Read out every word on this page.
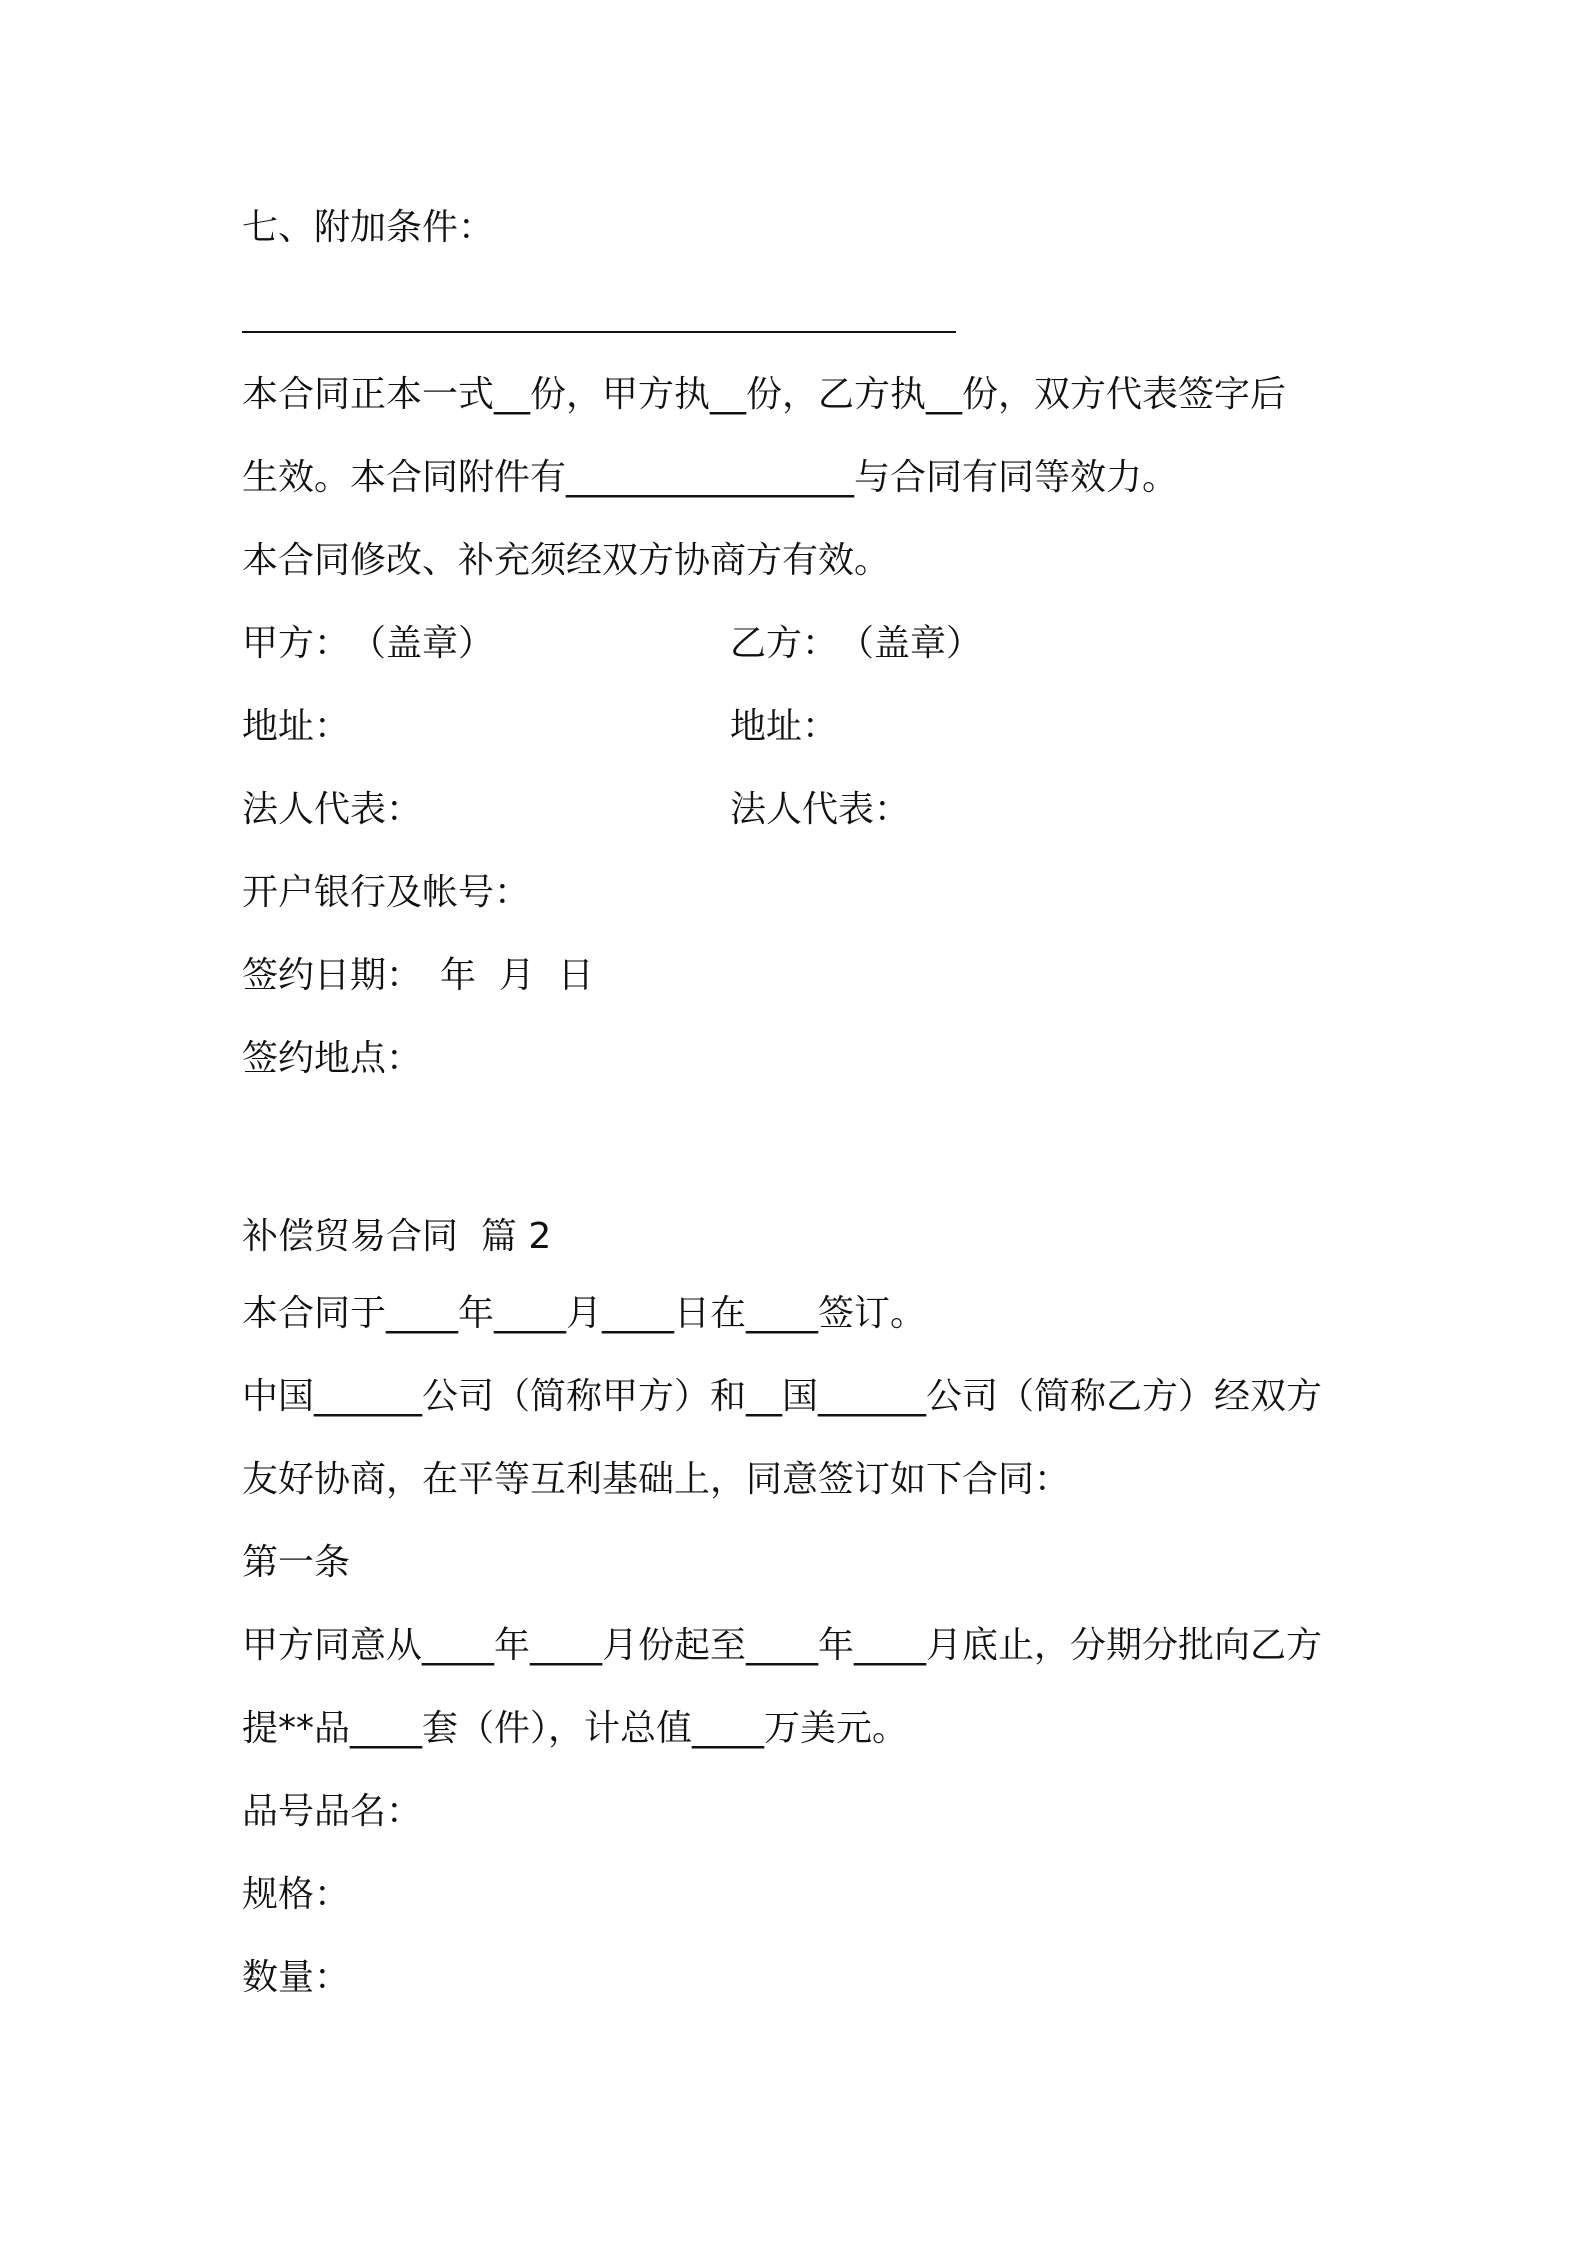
七、附加条件：

本合同正本一式__份，甲方执__份，乙方执__份，双方代表签字后

生效。本合同附件有________________与合同有同等效力。

本合同修改、补充须经双方协商方有效。

甲方：　（盖章）	乙方：　（盖章）

地址：	地址：

法人代表：	法人代表：

开户银行及帐号：

签约日期：　年  月  日

签约地点：

补偿贸易合同  篇 2

本合同于____年____月____日在____签订。

中国______公司（简称甲方）和__国______公司（简称乙方）经双方

友好协商，在平等互利基础上，同意签订如下合同：

第一条

甲方同意从____年____月份起至____年____月底止，分期分批向乙方

提**品____套（件），计总值____万美元。

品号品名：

规格：

数量：
